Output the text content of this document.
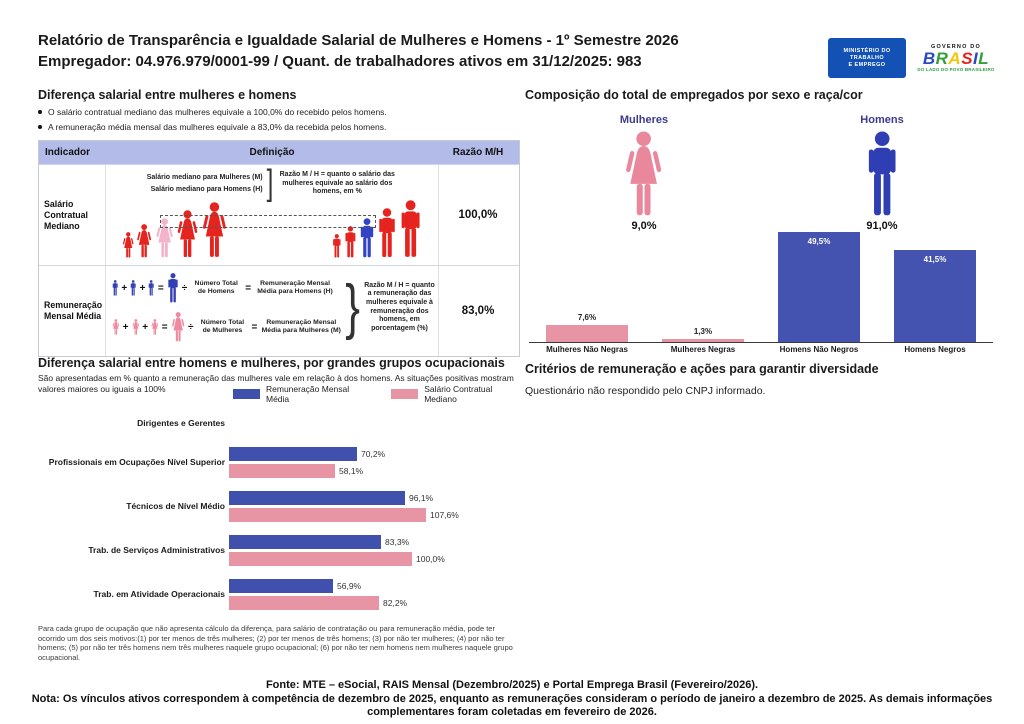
Relatório de Transparência e Igualdade Salarial de Mulheres e Homens - 1º Semestre 2026
Empregador: 04.976.979/0001-99 / Quant. de trabalhadores ativos em 31/12/2025: 983
MINISTÉRIO DO
TRABALHO
E EMPREGO
GOVERNO DO
BRASIL
DO LADO DO POVO BRASILEIRO
Diferença salarial entre mulheres e homens
O salário contratual mediano das mulheres equivale a 100,0% do recebido pelos homens.
A remuneração média mensal das mulheres equivale a 83,0% da recebida pelos homens.
Indicador	Definição	Razão M/H
Salário Contratual Mediano
Salário mediano para Mulheres (M)
Salário mediano para Homens (H) ] Razão M / H = quanto o salário das mulheres equivale ao salário dos homens, em %
100,0%
Remuneração Mensal Média
+ + = ÷	Número Total de Homens	=	Remuneração Mensal Média para Homens (H)
+ + = ÷	Número Total de Mulheres =	Remuneração Mensal Média para Mulheres (M) } Razão M / H = quanto a remuneração das mulheres equivale à remuneração dos homens, em porcentagem (%)
83,0%
Composição do total de empregados por sexo e raça/cor
Mulheres
9,0%
Homens
91,0%
7,6%
1,3%
49,5%
41,5%
Mulheres Não Negras	Mulheres Negras	Homens Não Negros	Homens Negros
Critérios de remuneração e ações para garantir diversidade
Questionário não respondido pelo CNPJ informado.
Diferença salarial entre homens e mulheres, por grandes grupos ocupacionais
São apresentadas em % quanto a remuneração das mulheres vale em relação à dos homens. As situações positivas mostram valores maiores ou iguais a 100%	Remuneração Mensal Média
Salário Contratual Mediano
Dirigentes e Gerentes
Profissionais em Ocupações Nível Superior
70,2%
58,1%
Técnicos de Nível Médio
96,1%
107,6%
Trab. de Serviços Administrativos
83,3%
100,0%
Trab. em Atividade Operacionais
56,9%
82,2%
Para cada grupo de ocupação que não apresenta cálculo da diferença, para salário de contratação ou para remuneração média, pode ter ocorrido um dos seis motivos:(1) por ter menos de três mulheres; (2) por ter menos de três homens; (3) por não ter mulheres; (4) por não ter homens; (5) por não ter três homens nem três mulheres naquele grupo ocupacional; (6) por não ter nem homens nem mulheres naquele grupo ocupacional.
Fonte: MTE – eSocial, RAIS Mensal (Dezembro/2025) e Portal Emprega Brasil (Fevereiro/2026).
Nota: Os vínculos ativos correspondem à competência de dezembro de 2025, enquanto as remunerações consideram o período de janeiro a dezembro de 2025. As demais informações complementares foram coletadas em fevereiro de 2026.
